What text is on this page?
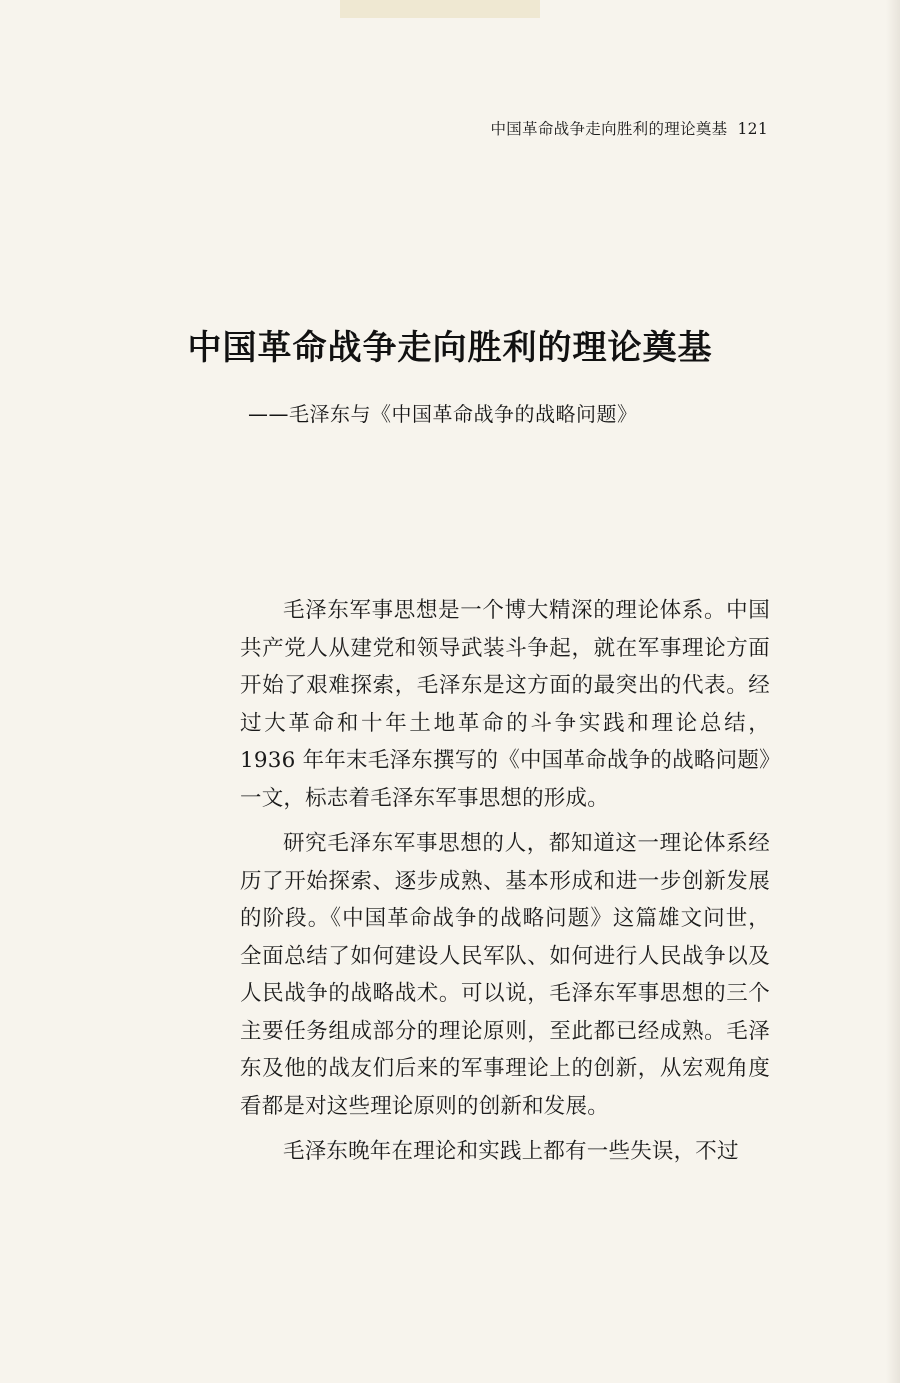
中国革命战争走向胜利的理论奠基 121
中国革命战争走向胜利的理论奠基
——毛泽东与《中国革命战争的战略问题》

毛泽东军事思想是一个博大精深的理论体系。中国共产党人从建党和领导武装斗争起，就在军事理论方面开始了艰难探索，毛泽东是这方面的最突出的代表。经过大革命和十年土地革命的斗争实践和理论总结，1936 年年末毛泽东撰写的《中国革命战争的战略问题》一文，标志着毛泽东军事思想的形成。

研究毛泽东军事思想的人，都知道这一理论体系经历了开始探索、逐步成熟、基本形成和进一步创新发展的阶段。《中国革命战争的战略问题》这篇雄文问世，全面总结了如何建设人民军队、如何进行人民战争以及人民战争的战略战术。可以说，毛泽东军事思想的三个主要任务组成部分的理论原则，至此都已经成熟。毛泽东及他的战友们后来的军事理论上的创新，从宏观角度看都是对这些理论原则的创新和发展。

毛泽东晚年在理论和实践上都有一些失误，不过
